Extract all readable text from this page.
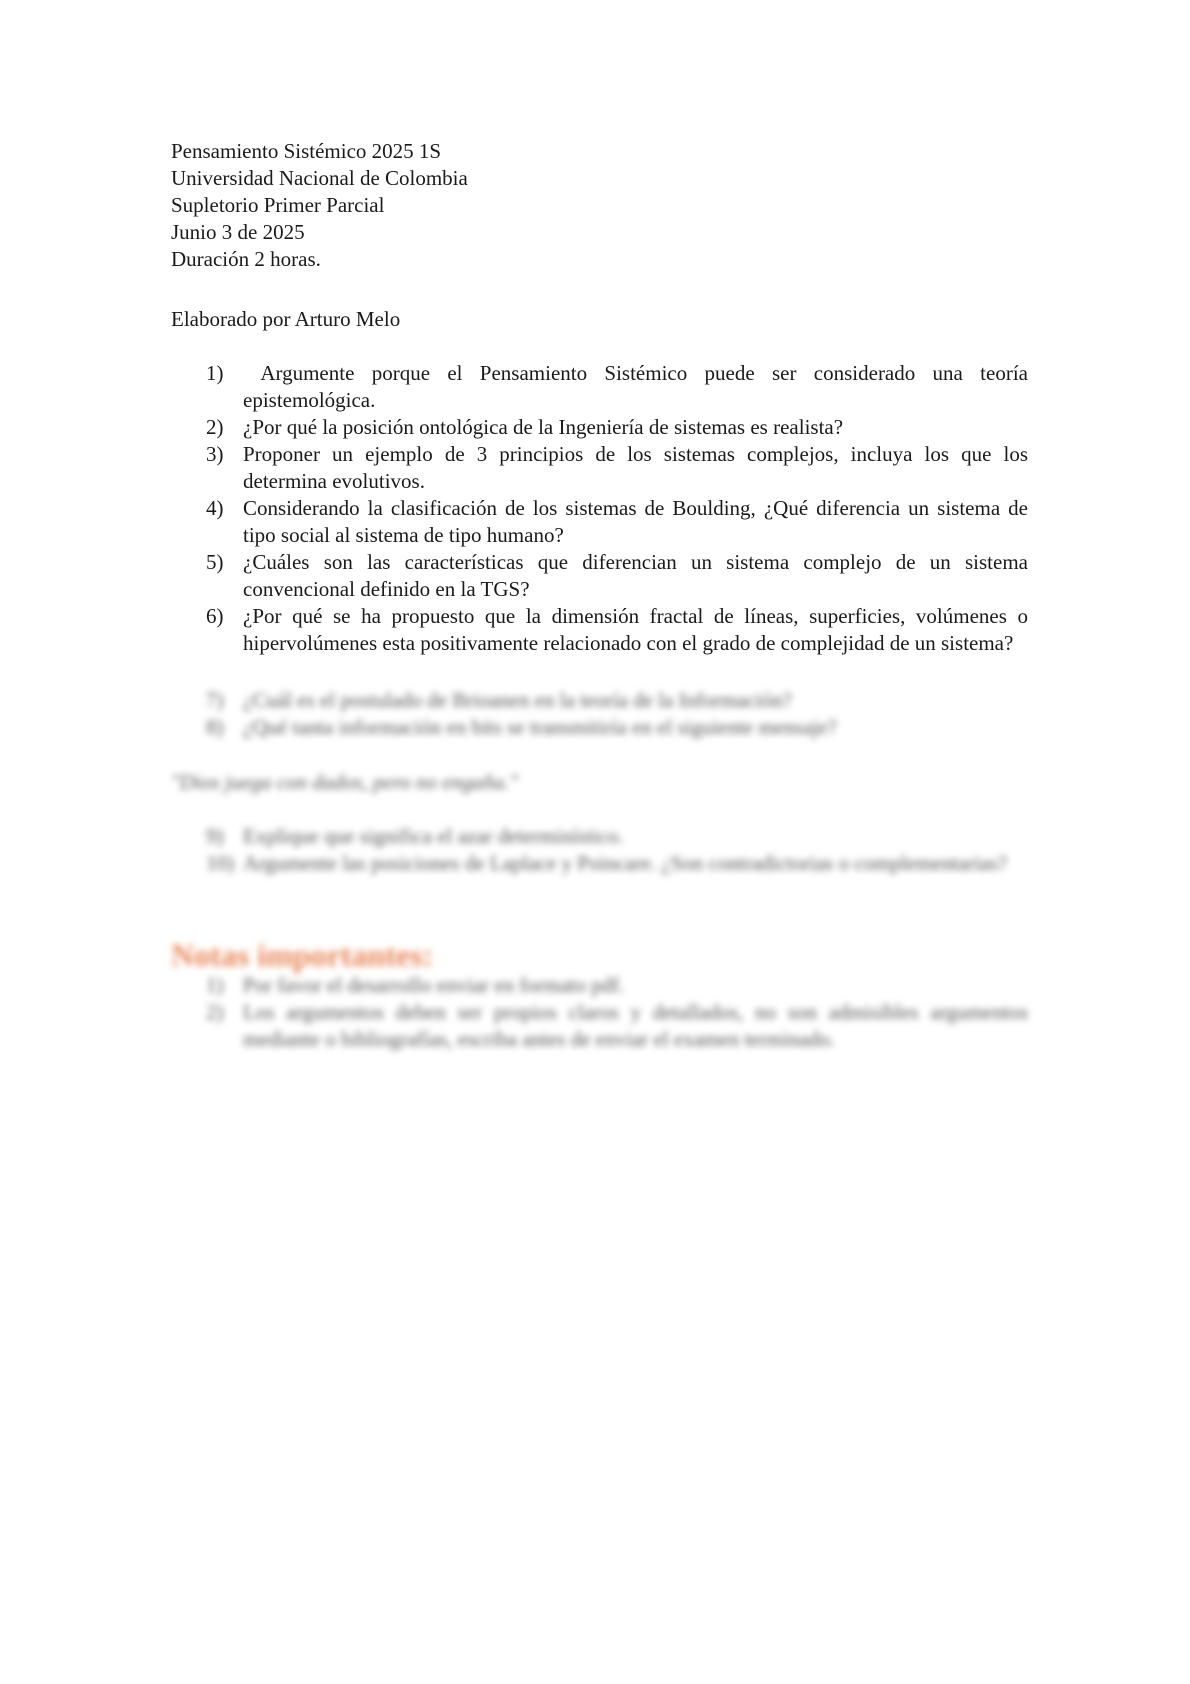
Pensamiento Sistémico 2025 1S
Universidad Nacional de Colombia
Supletorio Primer Parcial
Junio 3 de 2025
Duración 2 horas.
Elaborado por Arturo Melo
1)	Argumente porque el Pensamiento Sistémico puede ser considerado una teoría epistemológica.
2) ¿Por qué la posición ontológica de la Ingeniería de sistemas es realista?
3) Proponer un ejemplo de 3 principios de los sistemas complejos, incluya los que los determina evolutivos.
4) Considerando la clasificación de los sistemas de Boulding, ¿Qué diferencia un sistema de tipo social al sistema de tipo humano?
5) ¿Cuáles son las características que diferencian un sistema complejo de un sistema convencional definido en la TGS?
6) ¿Por qué se ha propuesto que la dimensión fractal de líneas, superficies, volúmenes o hipervolúmenes esta positivamente relacionado con el grado de complejidad de un sistema?
7) ¿Cuál es el postulado de Brioanen en la teoría de la Información?
8) ¿Qué tanta información en bits se transmitiría en el siguiente mensaje?
"Dios juega con dados, pero no engaña."
9) Explique que significa el azar determinístico.
10) Argumente las posiciones de Laplace y Poincare. ¿Son contradictorias o complementarias?
Notas importantes:
1) Por favor el desarrollo enviar en formato pdf.
2) Los argumentos deben ser propios claros y detallados, no son admisibles argumentos mediante o bibliografías, escriba antes de enviar el examen terminado.
